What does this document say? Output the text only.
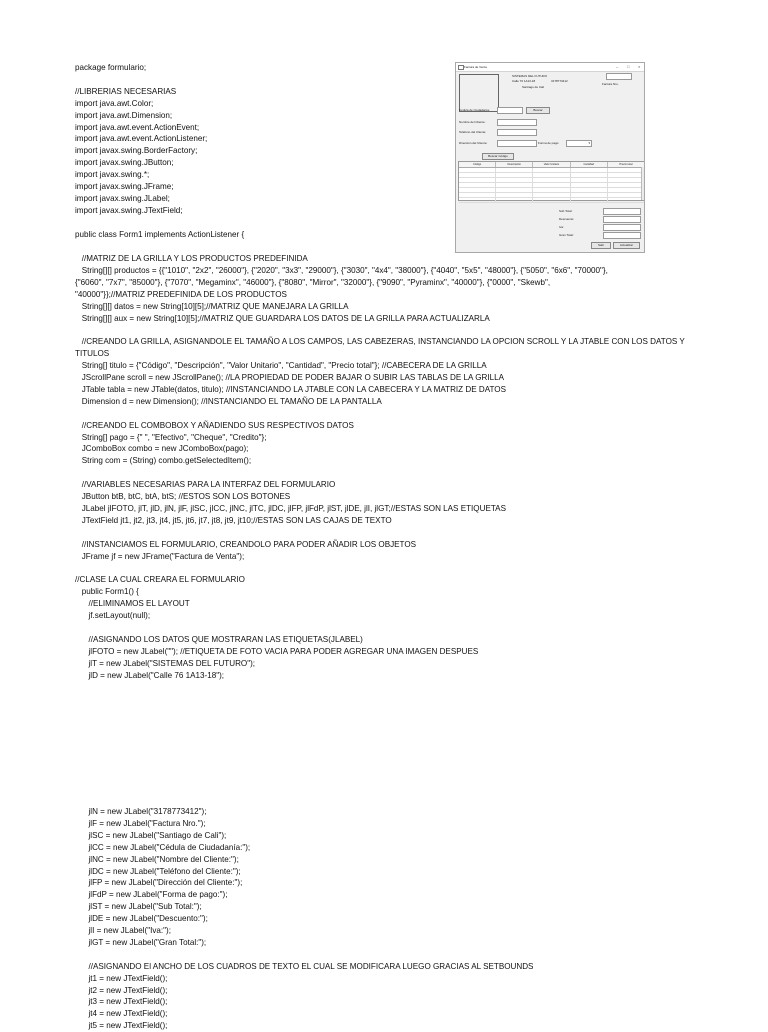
package formulario;
//LIBRERIAS NECESARIAS
import java.awt.Color;
import java.awt.Dimension;
import java.awt.event.ActionEvent;
import java.awt.event.ActionListener;
import javax.swing.BorderFactory;
import javax.swing.JButton;
import javax.swing.*;
import javax.swing.JFrame;
import javax.swing.JLabel;
import javax.swing.JTextField;
public class Form1 implements ActionListener {
//MATRIZ DE LA GRILLA Y LOS PRODUCTOS PREDEFINIDA
String[][] productos = {{"1010", "2x2", "26000"}, {"2020", "3x3", "29000"}, {"3030", "4x4", "38000"}, {"4040", "5x5", "48000"}, {"5050", "6x6", "70000"},
{"6060", "7x7", "85000"}, {"7070", "Megaminx", "46000"}, {"8080", "Mirror", "32000"}, {"9090", "Pyraminx", "40000"}, {"0000", "Skewb",
"40000"}};//MATRIZ PREDEFINIDA DE LOS PRODUCTOS
String[][] datos = new String[10][5];//MATRIZ QUE MANEJARA LA GRILLA
String[][] aux = new String[10][5];//MATRIZ QUE GUARDARA LOS DATOS DE LA GRILLA PARA ACTUALIZARLA
//CREANDO LA GRILLA, ASIGNANDOLE EL TAMAÑO A LOS CAMPOS, LAS CABEZERAS, INSTANCIANDO LA OPCION SCROLL Y LA JTABLE CON LOS DATOS Y
TITULOS
String[] titulo = {"Código", "Descripción", "Valor Unitario", "Cantidad", "Precio total"}; //CABECERA DE LA GRILLA
JScrollPane scroll = new JScrollPane(); //LA PROPIEDAD DE PODER BAJAR O SUBIR LAS TABLAS DE LA GRILLA
JTable tabla = new JTable(datos, titulo); //INSTANCIANDO LA JTABLE CON LA CABECERA Y LA MATRIZ DE DATOS
Dimension d = new Dimension(); //INSTANCIANDO EL TAMAÑO DE LA PANTALLA
//CREANDO EL COMBOBOX Y AÑADIENDO SUS RESPECTIVOS DATOS
String[] pago = {" ", "Efectivo", "Cheque", "Credito"};
JComboBox combo = new JComboBox(pago);
String com = (String) combo.getSelectedItem();
//VARIABLES NECESARIAS PARA LA INTERFAZ DEL FORMULARIO
JButton btB, btC, btA, btS; //ESTOS SON LOS BOTONES
JLabel jlFOTO, jlT, jlD, jlN, jlF, jlSC, jlCC, jlNC, jlTC, jlDC, jlFP, jlFdP, jlST, jlDE, jlI, jlGT;//ESTAS SON LAS ETIQUETAS
JTextField jt1, jt2, jt3, jt4, jt5, jt6, jt7, jt8, jt9, jt10;//ESTAS SON LAS CAJAS DE TEXTO
//INSTANCIAMOS EL FORMULARIO, CREANDOLO PARA PODER AÑADIR LOS OBJETOS
JFrame jf = new JFrame("Factura de Venta");
//CLASE LA CUAL CREARA EL FORMULARIO
public Form1() {
//ELIMINAMOS EL LAYOUT
jf.setLayout(null);
//ASIGNANDO LOS DATOS QUE MOSTRARAN LAS ETIQUETAS(JLABEL)
jlFOTO = new JLabel(""); //ETIQUETA DE FOTO VACIA PARA PODER AGREGAR UNA IMAGEN DESPUES
jlT = new JLabel("SISTEMAS DEL FUTURO");
jlD = new JLabel("Calle 76 1A13-18");
jlN = new JLabel("3178773412");
jlF = new JLabel("Factura Nro.");
jlSC = new JLabel("Santiago de Cali");
jlCC = new JLabel("Cédula de Ciudadanía:");
jlNC = new JLabel("Nombre del Cliente:");
jlDC = new JLabel("Teléfono del Cliente:");
jlFP = new JLabel("Dirección del Cliente:");
jlFdP = new JLabel("Forma de pago:");
jlST = new JLabel("Sub Total:");
jlDE = new JLabel("Descuento:");
jlI = new JLabel("Iva:");
jlGT = new JLabel("Gran Total:");
//ASIGNANDO El ANCHO DE LOS CUADROS DE TEXTO EL CUAL SE MODIFICARA LUEGO GRACIAS AL SETBOUNDS
jt1 = new JTextField();
jt2 = new JTextField();
jt3 = new JTextField();
jt4 = new JTextField();
jt5 = new JTextField();
Factura de Venta	– □ ×
SISTEMAS DEL FUTURO
Calle 76 1A13-18	3178773412
Santiago de Cali
Factura Nro.
Cédula de Ciudadanía:	Buscar
Nombre del Cliente:
Teléfono del Cliente:
Dirección del Cliente:	Forma de pago:	▾
Buscar Código
Código	Descripción	Valor Unitario	Cantidad	Precio total
Sub Total:
Descuento:
Iva:
Gran Total:
Salir	Actualizar
